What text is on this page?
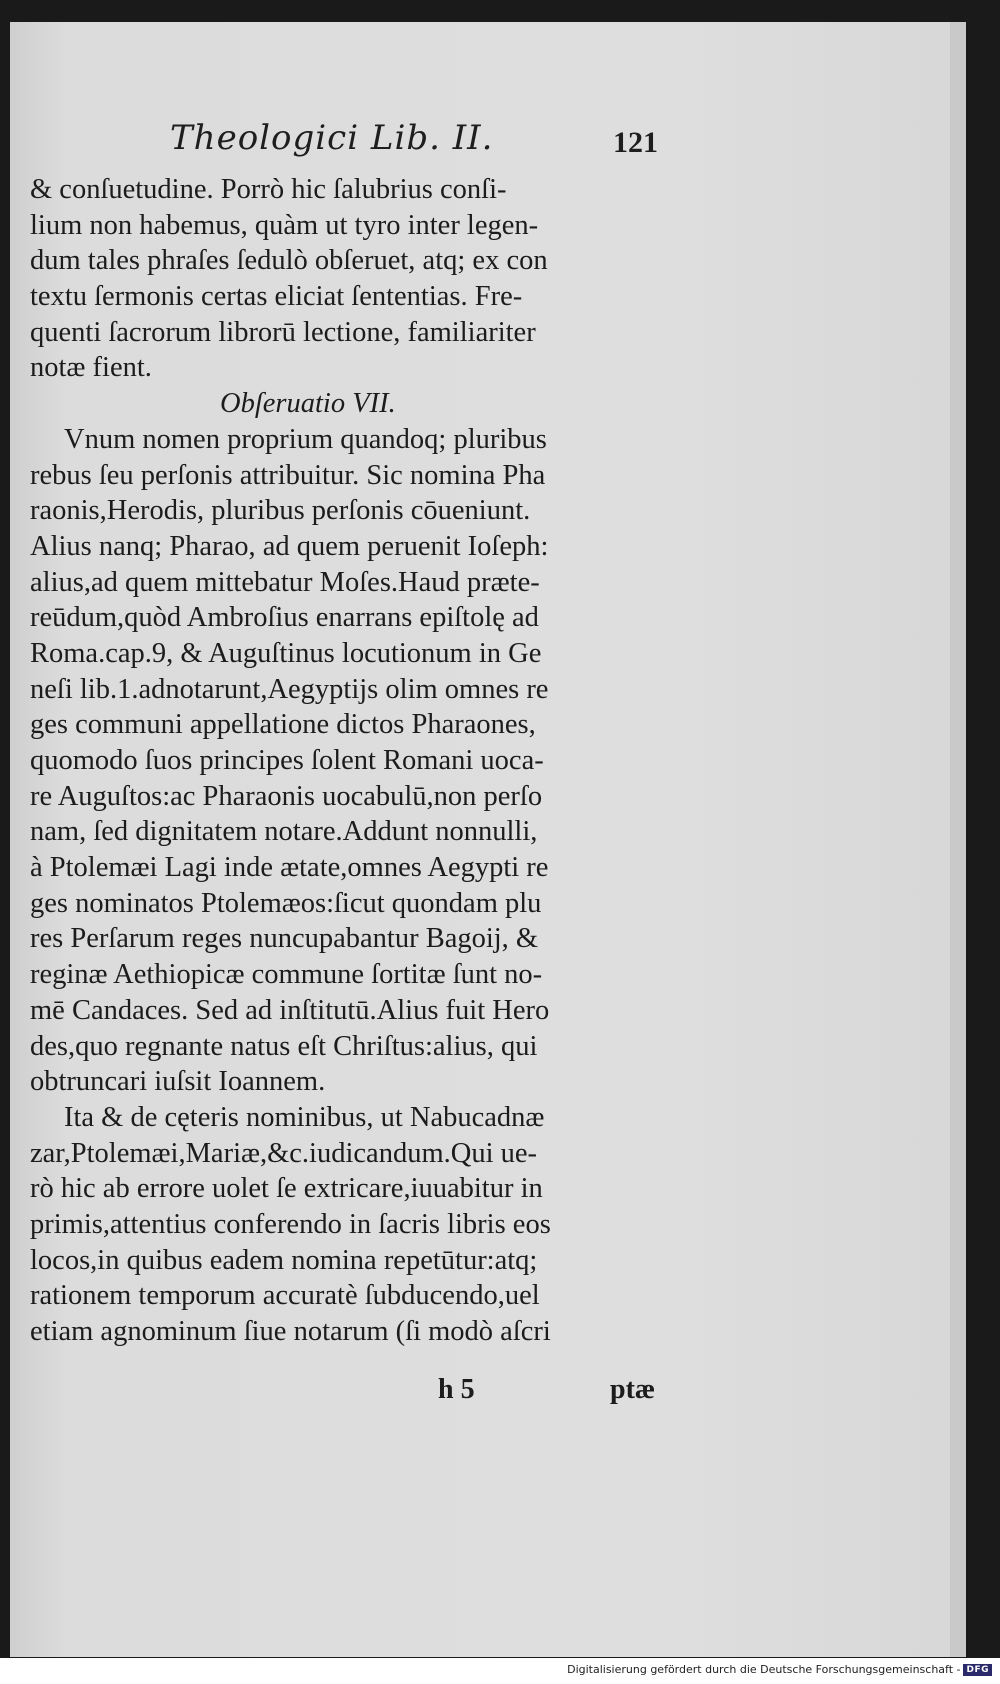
Theologici Lib. II.	121
& conſuetudine. Porrò hic ſalubrius conſi-
lium non habemus, quàm ut tyro inter legen-
dum tales phraſes ſedulò obſeruet, atq; ex con
textu ſermonis certas eliciat ſententias. Fre-
quenti ſacrorum librorū lectione, familiariter
notæ fient.
Obſeruatio VII.
Vnum nomen proprium quandoq; pluribus
rebus ſeu perſonis attribuitur. Sic nomina Pha
raonis,Herodis, pluribus perſonis cōueniunt.
Alius nanq; Pharao, ad quem peruenit Ioſeph:
alius,ad quem mittebatur Moſes.Haud præte-
reūdum,quòd Ambroſius enarrans epiſtolę ad
Roma.cap.9, & Auguſtinus locutionum in Ge
neſi lib.1.adnotarunt,Aegyptijs olim omnes re
ges communi appellatione dictos Pharaones,
quomodo ſuos principes ſolent Romani uoca-
re Auguſtos:ac Pharaonis uocabulū,non perſo
nam, ſed dignitatem notare.Addunt nonnulli,
à Ptolemæi Lagi inde ætate,omnes Aegypti re
ges nominatos Ptolemæos:ſicut quondam plu
res Perſarum reges nuncupabantur Bagoij, &
reginæ Aethiopicæ commune ſortitæ ſunt no-
mē Candaces. Sed ad inſtitutū.Alius fuit Hero
des,quo regnante natus eſt Chriſtus:alius, qui
obtruncari iuſsit Ioannem.
Ita & de cęteris nominibus, ut Nabucadnæ
zar,Ptolemæi,Mariæ,&c.iudicandum.Qui ue-
rò hic ab errore uolet ſe extricare,iuuabitur in
primis,attentius conferendo in ſacris libris eos
locos,in quibus eadem nomina repetūtur:atq;
rationem temporum accuratè ſubducendo,uel
etiam agnominum ſiue notarum (ſi modò aſcri
h 5	ptæ
Digitalisierung gefördert durch die Deutsche Forschungsgemeinschaft - DFG
